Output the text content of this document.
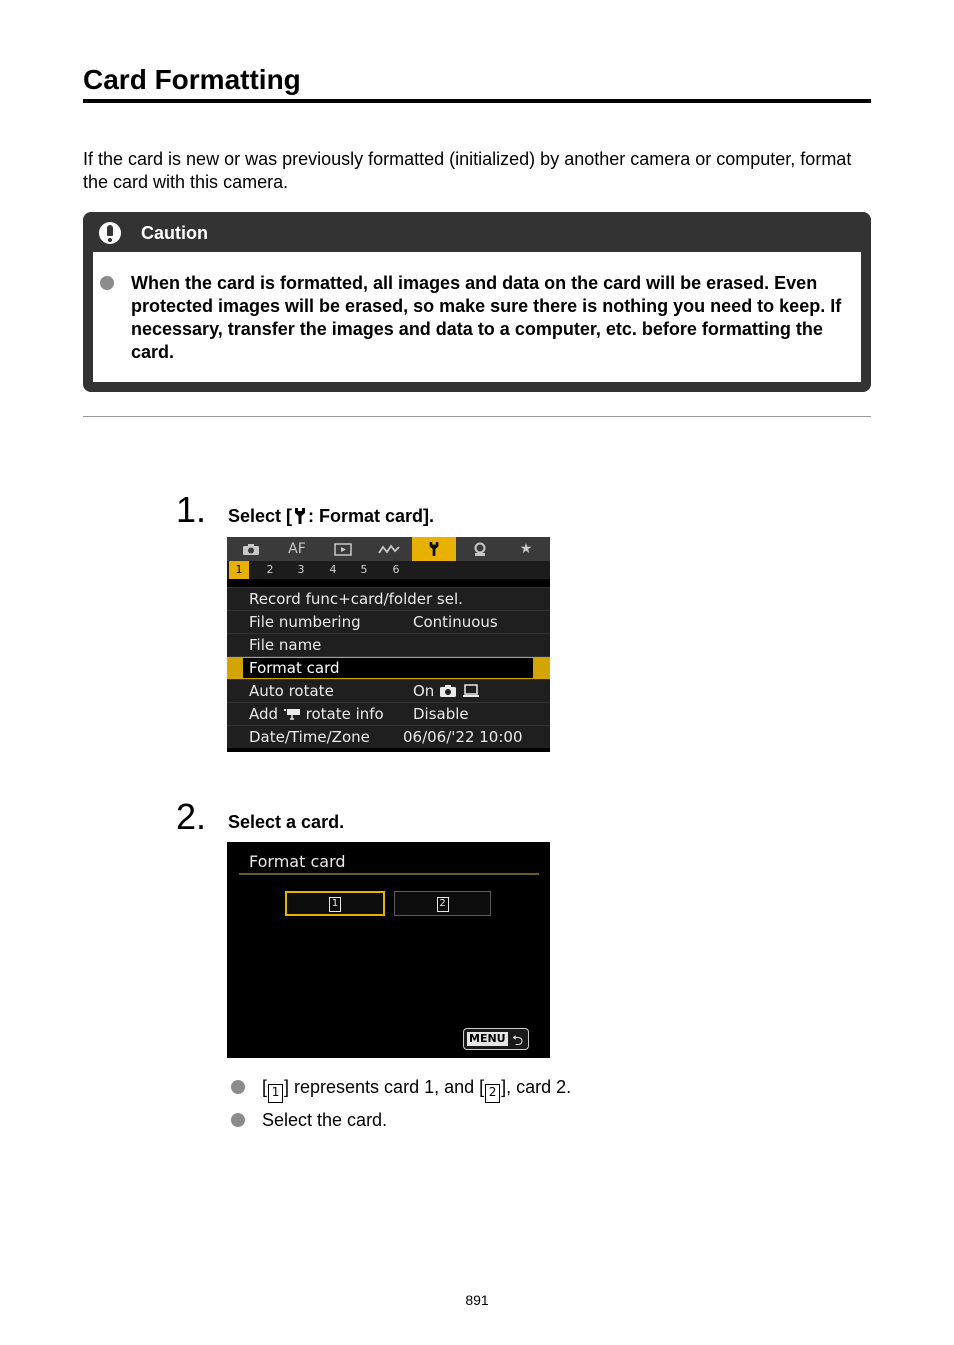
Card Formatting
If the card is new or was previously formatted (initialized) by another camera or computer, format the card with this camera.
Caution
When the card is formatted, all images and data on the card will be erased. Even protected images will be erased, so make sure there is nothing you need to keep. If necessary, transfer the images and data to a computer, etc. before formatting the card.
1. Select [ : Format card].
AF	★
1	2	3	4	5	6
Record func+card/folder sel.
File numbering	Continuous
File name
Format card
Auto rotate	On
Add rotate info Disable
Date/Time/Zone 06/06/'22 10:00
2. Select a card.
Format card
1	2
MENU ⮌
[ 1 ] represents card 1, and [ 2 ], card 2.
Select the card.
891
